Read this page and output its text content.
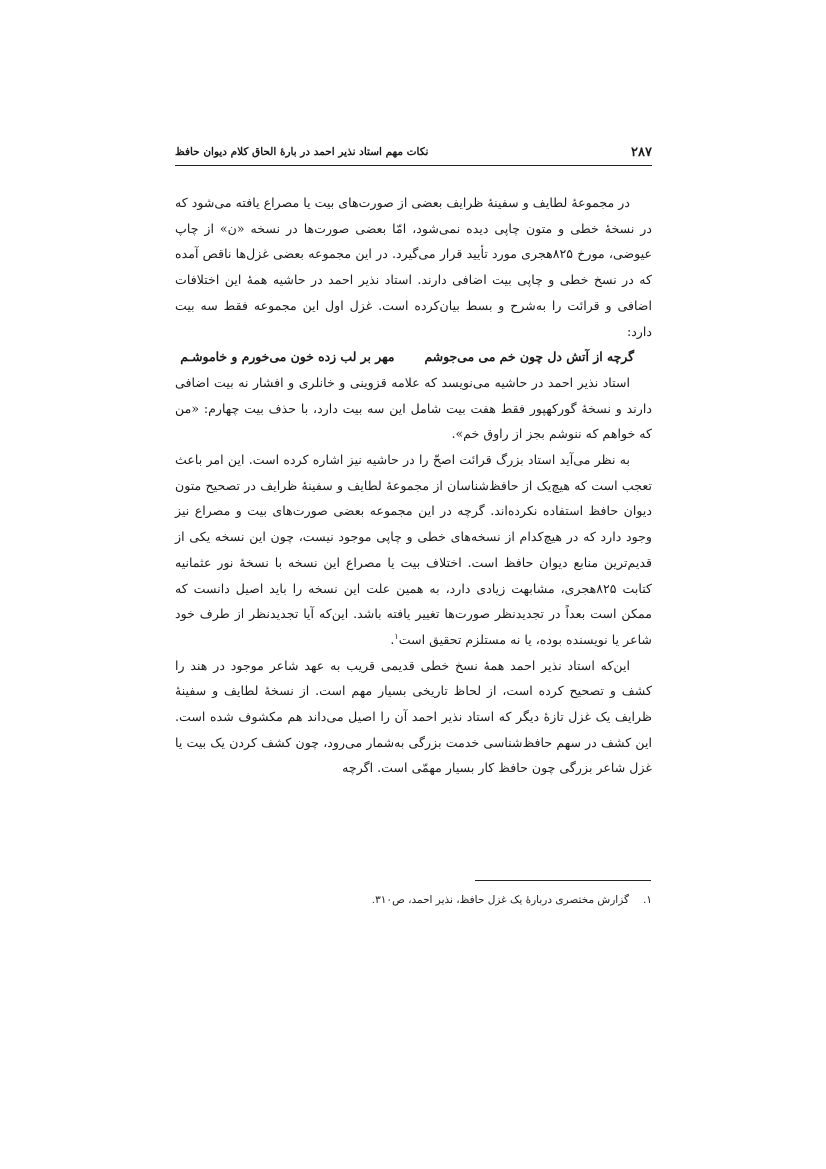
۲۸۷
نکات مهم استاد نذیر احمد در بارهٔ الحاق کلام دیوان حافظ

در مجموعهٔ لطایف و سفینهٔ ظرایف بعضی از صورت‌های بیت یا مصراع یافته می‌شود که در نسخهٔ خطی و متون چاپی دیده نمی‌شود، امّا بعضی صورت‌ها در نسخه «ن» از چاپ عیوضی، مورخ ۸۲۵هجری مورد تأیید قرار می‌گیرد. در این مجموعه بعضی غزل‌ها ناقص آمده که در نسخ خطی و چاپی بیت اضافی دارند. استاد نذیر احمد در حاشیه همهٔ این اختلافات اضافی و قرائت را به‌شرح و بسط بیان‌کرده است. غزل اول این مجموعه فقط سه بیت دارد:

گرچه از آتش دل چون خم می می‌جوشم
مهر بر لب زده خون می‌خورم و خاموشـم

استاد نذیر احمد در حاشیه می‌نویسد که علامه قزوینی و خانلری و افشار نه بیت اضافی دارند و نسخهٔ گورکهپور فقط هفت بیت شامل این سه بیت دارد، با حذف بیت چهارم: «من که خواهم که ننوشم بجز از راوق خم».

به نظر می‌آید استاد بزرگ قرائت اصحّ را در حاشیه نیز اشاره کرده است. این امر باعث تعجب است که هیچ‌یک از حافظ‌شناسان از مجموعهٔ لطایف و سفینهٔ ظرایف در تصحیح متون دیوان حافظ استفاده نکرده‌اند. گرچه در این مجموعه بعضی صورت‌های بیت و مصراع نیز وجود دارد که در هیچ‌کدام از نسخه‌های خطی و چاپی موجود نیست، چون این نسخه یکی از قدیم‌ترین منابع دیوان حافظ است. اختلاف بیت یا مصراع این نسخه با نسخهٔ نور عثمانیه کتابت ۸۲۵هجری، مشابهت زیادی دارد، به همین علت این نسخه را باید اصیل دانست که ممکن است بعداً در تجدیدنظر صورت‌ها تغییر یافته باشد. این‌که آیا تجدیدنظر از طرف خود شاعر یا نویسنده بوده، یا نه مستلزم تحقیق است$^۱$.

این‌که استاد نذیر احمد همهٔ نسخ خطی قدیمی قریب به عهد شاعر موجود در هند را کشف و تصحیح کرده است، از لحاظ تاریخی بسیار مهم است. از نسخهٔ لطایف و سفینهٔ ظرایف یک غزل تازهٔ دیگر که استاد نذیر احمد آن را اصیل می‌داند هم مکشوف شده است. این کشف در سهم حافظ‌شناسی خدمت بزرگی به‌شمار می‌رود، چون کشف کردن یک بیت یا غزل شاعر بزرگی چون حافظ کار بسیار مهمّی است. اگرچه

۱.گزارش مختصری دربارهٔ یک غزل حافظ، نذیر احمد، ص۳۱۰.
